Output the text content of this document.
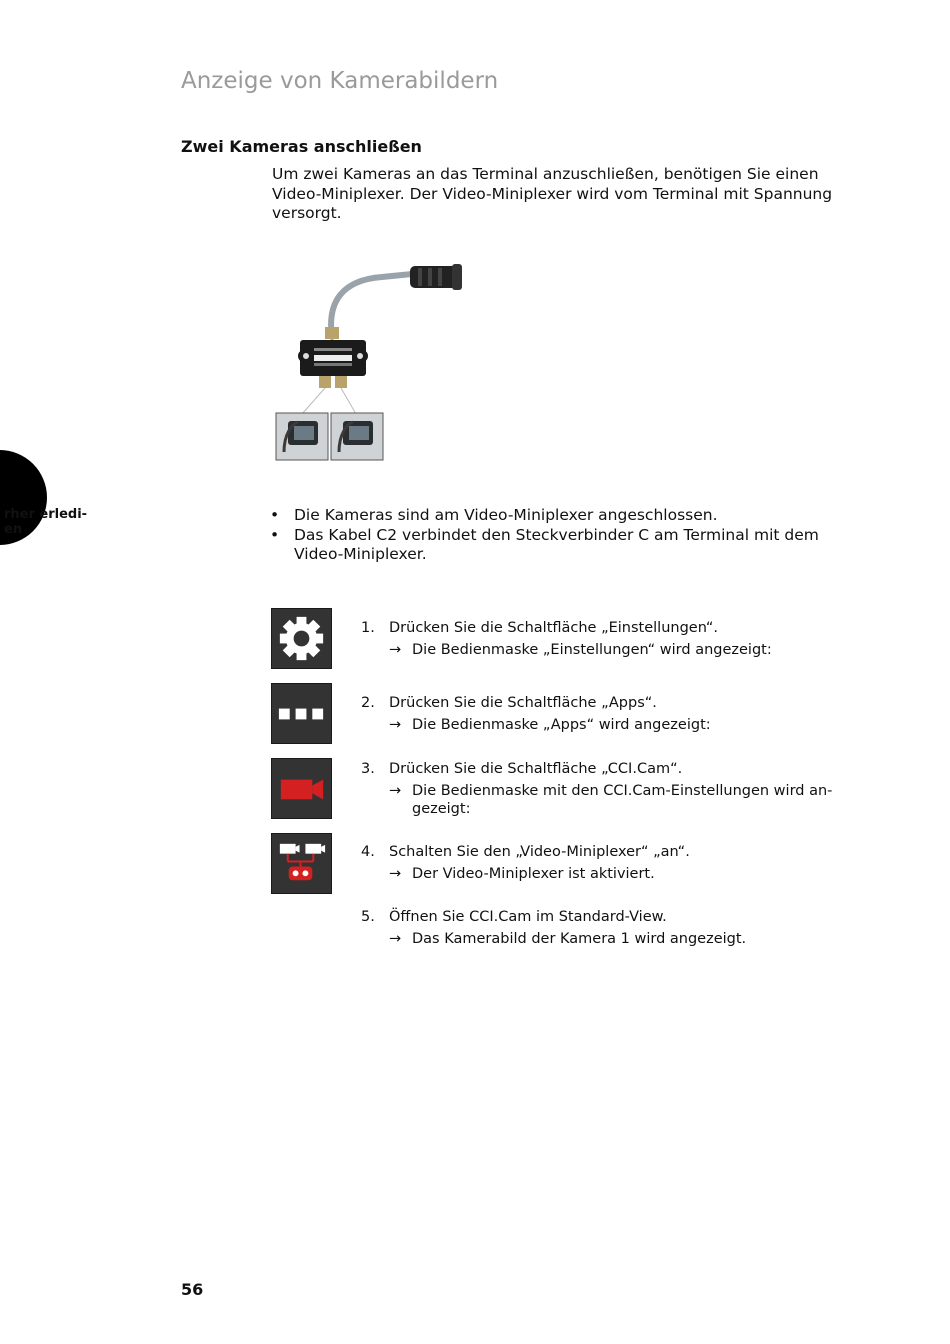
Anzeige von Kamerabildern
Zwei Kameras anschließen

Um zwei Kameras an das Terminal anzuschließen, benötigen Sie einen Video-Miniplexer. Der Video-Miniplexer wird vom Terminal mit Spannung versorgt.

rher erledi-
en
• Die Kameras sind am Video-Miniplexer angeschlossen.
• Das Kabel C2 verbindet den Steckverbinder C am Terminal mit dem Video-Miniplexer.
1. Drücken Sie die Schaltfläche „Einstellungen“.
→ Die Bedienmaske „Einstellungen“ wird angezeigt:
2. Drücken Sie die Schaltfläche „Apps“.
→ Die Bedienmaske „Apps“ wird angezeigt:
3. Drücken Sie die Schaltfläche „CCI.Cam“.
→ Die Bedienmaske mit den CCI.Cam-Einstellungen wird an-gezeigt:
4. Schalten Sie den „Video-Miniplexer“ „an“.
→ Der Video-Miniplexer ist aktiviert.
5. Öffnen Sie CCI.Cam im Standard-View.
→ Das Kamerabild der Kamera 1 wird angezeigt.
56
